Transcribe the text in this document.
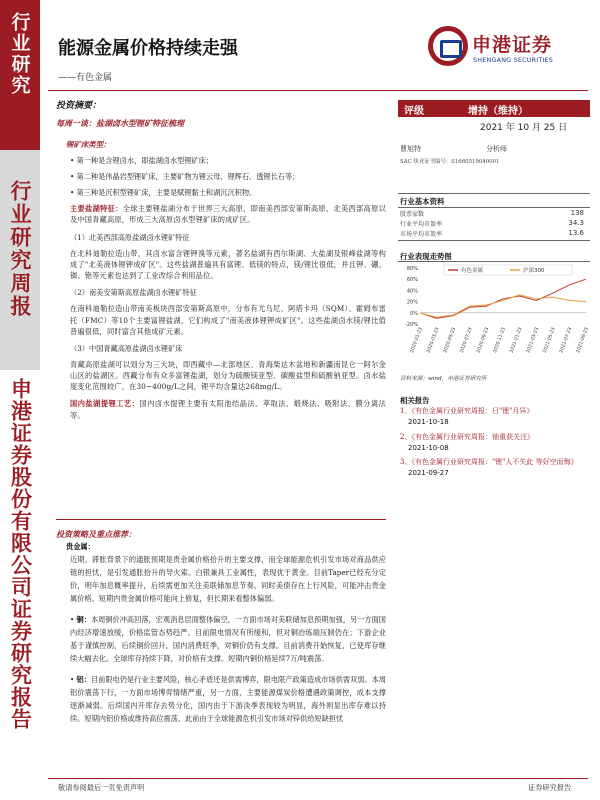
行业研究
行业研究周报
申港证券股份有限公司证券研究报告
能源金属价格持续走强
——有色金属
申港证券
SHENGANG SECURITIES
投资摘要：
每周一谈：盐湖卤水型锂矿特征梳理
锂矿床类型：
• 第一种是含锂卤水，即盐湖卤水型锂矿床；
• 第二种是伟晶岩型锂矿床，主要矿物为锂云母、锂辉石、透锂长石等；
• 第三种是沉积型锂矿床，主要是赋锂黏土和湖沉沉积物。
主要盐湖特征：全球主要锂盐湖分布于世界三大高原，即南美西部安第斯高原、北美西部高原以及中国青藏高原，形成三大高原卤水型锂矿床的成矿区。
（1）北美西部高原盐湖卤水锂矿特征
在北科迪勒拉造山带，其卤水富含锂钾溴等元素，著名盐湖有西尔斯湖、大盐湖及银峰盐湖等构成了"北美液体锂钾成矿区"。这些盐湖普遍具有富锂、低镁的特点，镁/锂比很低，并且钾、硼、铷、铯等元素也达到了工业改综合利用品位。
（2）南美安第斯高原盐湖卤水锂矿特征
在南科迪勒拉造山带南美板块西部安第斯高原中，分布有尤乌尼、阿塔卡玛（SQM）、霍姆布雷托（FMC）等10个主要富锂盐湖，它们构成了"南美液体锂钾成矿区"。这些盐湖卤水镁/锂比值普遍很低，同时富含其他成矿元素。
（3）中国青藏高原盐湖卤水锂矿床
青藏高原盐湖可以划分为三大块，即西藏中—北部地区、青海柴达木盆地和新疆南昆仑一阿尔金山区的盐湖区。西藏分布有众多富锂盐湖，划分为硫酸镁亚型、碳酸盐型和硫酸钠亚型。卤水盐度变化范围较广，在30~400g/L之间，锂平均含量达268mg/L。
国内盐湖提锂工艺：国内卤水提锂主要有太阳池结晶法、萃取法、煅烧法、吸附法、膜分离法等。
投资策略及重点推荐：
贵金属：

近期，滞胀背景下的通胀预期是贵金属价格拾升的主要支撑，而全球能源危机引发市场对商品供应链的担忧，是引发通胀拾升的导火索。白银兼具工业属性，表现优于黄金。目前Taper已经充分定价，明年加息概率提升，后续需更加关注美联储加息节奏。同时美债存在上行风险，可能冲击贵金属价格。短期内贵金属价格可能向上修复，但长期来看整体偏弱。

• 铜：本周铜价冲高回落，宏观消息层面整体偏空，一方面市场对美联储加息预期加强，另一方面国内经济增速放缓，价格监管态势趋严。目前限电情况有所缓和，但对铜冶炼端压制仍在；下游企业基于谨慎控制，后续铜价回升，国内消费旺季，对铜价仍有支撑。目前消费开始恢复，已使库存继续大幅去化。全球库存持续下降，对价格有支撑。短期内铜价格延续7万/吨震荡。

• 铝：目前限电仍是行业主要风险，核心矛盾还是供需博弈，限电限产政策造成市场供需双弱。本周铝价震荡下行，一方面市场博弈情绪严重，另一方面，主要能源煤炭价格遭遇政策调控，成本支撑逐渐减弱。后续国内开库存去势分化，国内由于下游淡季表现较为明显，海外则显出库存难以持续。短期内铝价格或维持高位震荡，此前由于全球能源危机引发市场对锌供给短缺担忧

敬请参阅最后一页免责声明	证券研究报告
评级	增持（维持）
2021 年 10 月 25 日
曹旭特	分析师
SAC 执业证书编号：S1660519040001
行业基本资料
股票家数	138
行业平均市盈率	34.3
市场平均市盈率	13.6
行业表现走势图
80%
60%
40%
20%
0%
-20%
2020-01-23 2020-03-23 2020-05-23 2020-07-23 2020-09-23 2020-11-23 2021-01-23 2021-03-23 2021-05-23 2021-07-23 2021-09-23
有色金属	沪深300
资料来源：wind，申港证券研究所
相关报告
1、《有色金属行业研究周报：日"锂"月异》
2021-10-18
2、《有色金属行业研究周报：铀重获关注》
2021-10-08
3、《有色金属行业研究周报："锂"人不失此 等好空而悔》
2021-09-27
